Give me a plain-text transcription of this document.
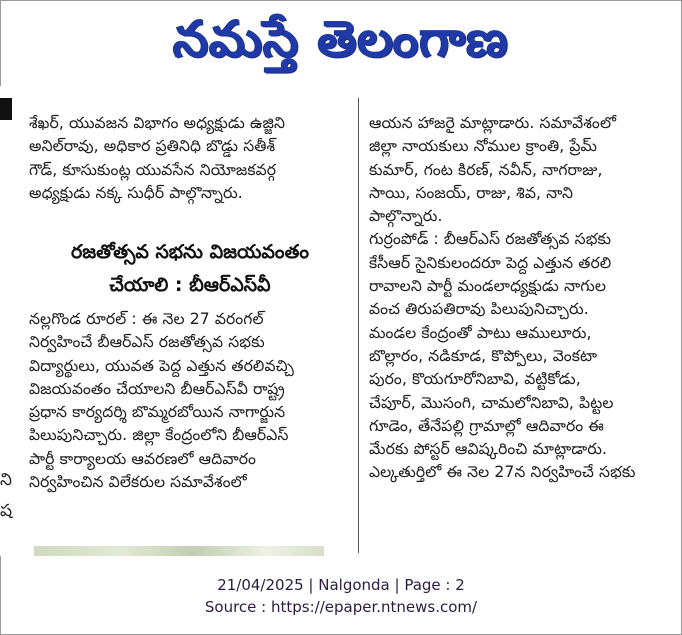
నమస్తే తెలంగాణ
ని
ష

శేఖర్, యువజన విభాగం అధ్యక్షుడు ఉజ్జిని

అనిల్‌రావు, అధికార ప్రతినిధి బొడ్డు సతీశ్

గౌడ్, కూసుకుంట్ల యువసేన నియోజకవర్గ

అధ్యక్షుడు నక్క సుధీర్ పాల్గొన్నారు.

రజతోత్సవ సభను విజయవంతం

చేయాలి : బీఆర్‌ఎస్‌వీ

నల్లగొండ రూరల్ : ఈ నెల 27 వరంగల్

నిర్వహించే బీఆర్‌ఎస్ రజతోత్సవ సభకు

విద్యార్థులు, యువత పెద్ద ఎత్తున తరలివచ్చి

విజయవంతం చేయాలని బీఆర్‌ఎస్‌వీ రాష్ట్ర

ప్రధాన కార్యదర్శి బొమ్మరబోయిన నాగార్జున

పిలుపునిచ్చారు. జిల్లా కేంద్రంలోని బీఆర్‌ఎస్

పార్టీ కార్యాలయ ఆవరణలో ఆదివారం

నిర్వహించిన విలేకరుల సమావేశంలో

ఆయన హాజరై మాట్లాడారు. సమావేశంలో

జిల్లా నాయకులు నోముల క్రాంతి, ప్రేమ్

కుమార్, గంట కిరణ్, నవీన్, నాగరాజు,

సాయి, సంజయ్, రాజు, శివ, నాని

పాల్గొన్నారు.

గుర్రంపోడ్ : బీఆర్‌ఎస్ రజతోత్సవ సభకు

కేసీఆర్ సైనికులందరూ పెద్ద ఎత్తున తరలి

రావాలని పార్టీ మండలాధ్యక్షుడు నాగుల

వంచ తిరుపతిరావు పిలుపునిచ్చారు.

మండల కేంద్రంతో పాటు ఆములూరు,

బొల్లారం, నడికూడ, కొప్పోలు, వెంకటా

పురం, కొయగూరోనిబావి, వట్టికోడు,

చేపూర్, మొసంగి, చామలోనిబావి, పిట్టల

గూడెం, తేనేపల్లి గ్రామాల్లో ఆదివారం ఈ

మేరకు పోస్టర్ ఆవిష్కరించి మాట్లాడారు.

ఎల్కతుర్తిలో ఈ నెల 27న నిర్వహించే సభకు

21/04/2025 | Nalgonda | Page : 2
Source : https://epaper.ntnews.com/
